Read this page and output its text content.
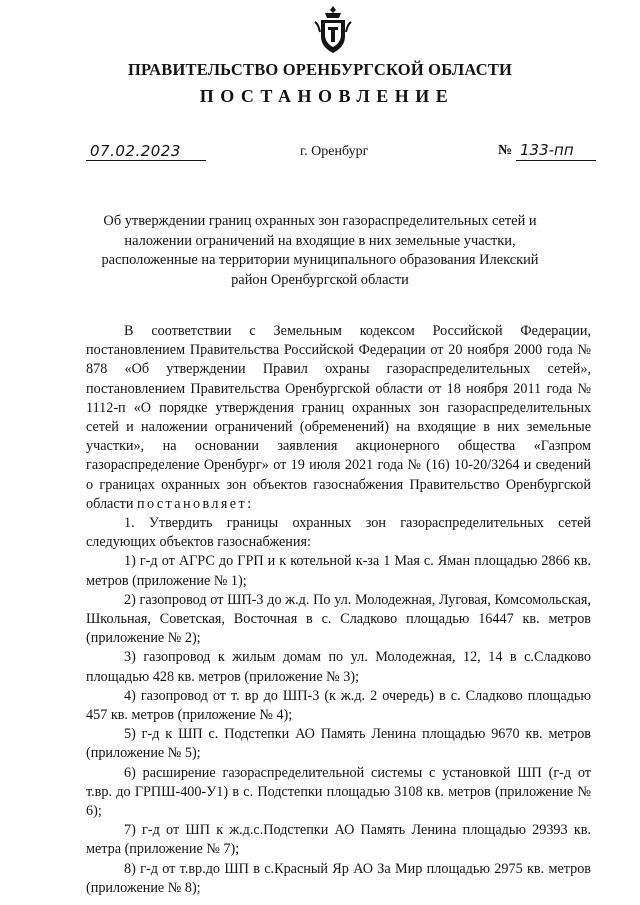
ПРАВИТЕЛЬСТВО ОРЕНБУРГСКОЙ ОБЛАСТИ
ПОСТАНОВЛЕНИЕ
07.02.2023	г. Оренбург	№ 133-пп
Об утверждении границ охранных зон газораспределительных сетей и наложении ограничений на входящие в них земельные участки, расположенные на территории муниципального образования Илекский район Оренбургской области

В соответствии с Земельным кодексом Российской Федерации, постановлением Правительства Российской Федерации от 20 ноября 2000 года № 878 «Об утверждении Правил охраны газораспределительных сетей», постановлением Правительства Оренбургской области от 18 ноября 2011 года № 1112-п «О порядке утверждения границ охранных зон газораспределительных сетей и наложении ограничений (обременений) на входящие в них земельные участки», на основании заявления акционерного общества «Газпром газораспределение Оренбург» от 19 июля 2021 года № (16) 10-20/3264 и сведений о границах охранных зон объектов газоснабжения Правительство Оренбургской области постановляет:

1. Утвердить границы охранных зон газораспределительных сетей следующих объектов газоснабжения:

1) г-д от АГРС до ГРП и к котельной к-за 1 Мая с. Яман площадью 2866 кв. метров (приложение № 1);

2) газопровод от ШП-3 до ж.д. По ул. Молодежная, Луговая, Комсомольская, Школьная, Советская, Восточная в с. Сладково площадью 16447 кв. метров (приложение № 2);

3) газопровод к жилым домам по ул. Молодежная, 12, 14 в с.Сладково площадью 428 кв. метров (приложение № 3);

4) газопровод от т. вр до ШП-3 (к ж.д. 2 очередь) в с. Сладково площадью 457 кв. метров (приложение № 4);

5) г-д к ШП с. Подстепки АО Память Ленина площадью 9670 кв. метров (приложение № 5);

6) расширение газораспределительной системы с установкой ШП (г-д от т.вр. до ГРПШ-400-У1) в с. Подстепки площадью 3108 кв. метров (приложение № 6);

7) г-д от ШП к ж.д.с.Подстепки АО Память Ленина площадью 29393 кв. метра (приложение № 7);

8) г-д от т.вр.до ШП в с.Красный Яр АО За Мир площадью 2975 кв. метров (приложение № 8);
